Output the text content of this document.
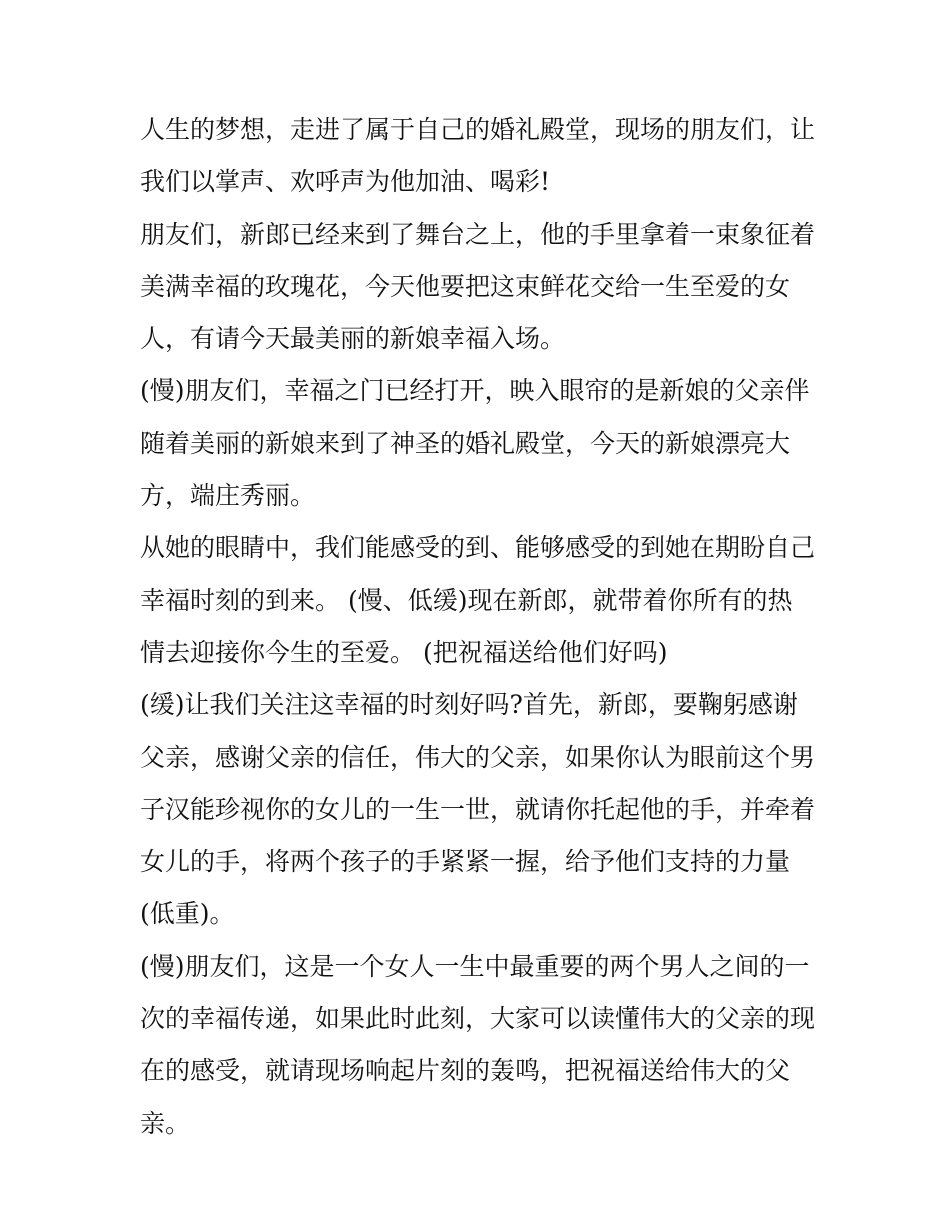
人生的梦想，走进了属于自己的婚礼殿堂，现场的朋友们，让
我们以掌声、欢呼声为他加油、喝彩!
朋友们，新郎已经来到了舞台之上，他的手里拿着一束象征着
美满幸福的玫瑰花，今天他要把这束鲜花交给一生至爱的女
人，有请今天最美丽的新娘幸福入场。
(慢)朋友们，幸福之门已经打开，映入眼帘的是新娘的父亲伴
随着美丽的新娘来到了神圣的婚礼殿堂，今天的新娘漂亮大
方，端庄秀丽。
从她的眼睛中，我们能感受的到、能够感受的到她在期盼自己
幸福时刻的到来。 (慢、低缓)现在新郎，就带着你所有的热
情去迎接你今生的至爱。 (把祝福送给他们好吗)
(缓)让我们关注这幸福的时刻好吗?首先，新郎，要鞠躬感谢
父亲，感谢父亲的信任，伟大的父亲，如果你认为眼前这个男
子汉能珍视你的女儿的一生一世，就请你托起他的手，并牵着
女儿的手，将两个孩子的手紧紧一握，给予他们支持的力量
(低重)。
(慢)朋友们，这是一个女人一生中最重要的两个男人之间的一
次的幸福传递，如果此时此刻，大家可以读懂伟大的父亲的现
在的感受，就请现场响起片刻的轰鸣，把祝福送给伟大的父
亲。
